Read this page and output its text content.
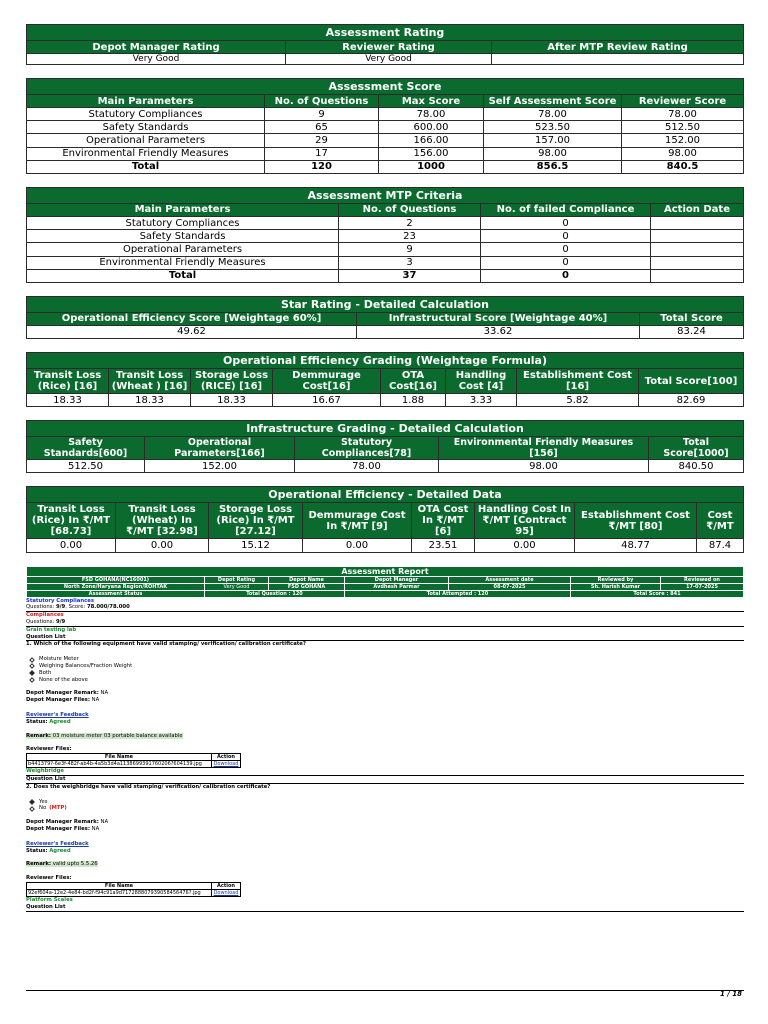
Assessment Rating		
Depot Manager Rating	Reviewer Rating	After MTP Review Rating
Very Good	Very Good	
Assessment Score				
Main Parameters	No. of Questions	Max Score	Self Assessment Score	Reviewer Score
Statutory Compliances	9	78.00	78.00	78.00
Safety Standards	65	600.00	523.50	512.50
Operational Parameters	29	166.00	157.00	152.00
Environmental Friendly Measures	17	156.00	98.00	98.00
Total	120	1000	856.5	840.5
Assessment MTP Criteria			
Main Parameters	No. of Questions	No. of failed Compliance	Action Date
Statutory Compliances	2	0	
Safety Standards	23	0	
Operational Parameters	9	0	
Environmental Friendly Measures	3	0	
Total	37	0	
Star Rating - Detailed Calculation		
Operational Efficiency Score [Weightage 60%]	Infrastructural Score [Weightage 40%]	Total Score
49.62	33.62	83.24
Operational Efficiency Grading (Weightage Formula)							
Transit Loss (Rice) [16]	Transit Loss (Wheat ) [16]	Storage Loss (RICE) [16]	Demmurage Cost[16]	OTA Cost[16]	Handling Cost [4]	Establishment Cost [16]	Total Score[100]
18.33	18.33	18.33	16.67	1.88	3.33	5.82	82.69
Infrastructure Grading - Detailed Calculation				
Safety Standards[600]	Operational Parameters[166]	Statutory Compliances[78]	Environmental Friendly Measures [156]	Total Score[1000]
512.50	152.00	78.00	98.00	840.50
Operational Efficiency - Detailed Data							
Transit Loss (Rice) In ₹/MT [68.73]	Transit Loss (Wheat) In ₹/MT [32.98]	Storage Loss (Rice) In ₹/MT [27.12]	Demmurage Cost In ₹/MT [9]	OTA Cost In ₹/MT [6]	Handling Cost In ₹/MT [Contract 95]	Establishment Cost ₹/MT [80]	Cost ₹/MT
0.00	0.00	15.12	0.00	23.51	0.00	48.77	87.4
Assessment Report						
FSD GOHANA(NC16001)	Depot Rating	Depot Name	Depot Manager	Assessment date	Reviewed by	Reviewed on
North Zone/Haryana Region/ROHTAK	Very Good	FSD GOHANA	Avdhesh Parmar	08-07-2025	Sh. Harish Kumar	17-07-2025
Assessment Status	Total Question : 120		Total Attempted : 120		Total Score : 841	
Statutory Compliances
Questions: 9/9, Score: 78.000/78.000
Compliances
Questions: 9/9
Grain testing lab
Question List
1. Which of the following equipment have valid stamping/ verification/ calibration certificate?
Moisture Meter
Weighing Balances/Fraction Weight
Both
None of the above
Depot Manager Remark: NA
Depot Manager Files: NA
Reviewer's Feedback
Status: Agreed
Remark: 03 moisture meter 03 portable balance available
Reviewer Files:
File Name	Action
b441379?-6e3f-482f-ab4b-4a5b3d4a1138699391760206?604139.jpg	Download
Weighbridge
Question List
2. Does the weighbridge have valid stamping/ verification/ calibration certificate?
Yes
No (MTP)
Depot Manager Remark: NA
Depot Manager Files: NA
Reviewer's Feedback
Status: Agreed
Remark: valid upto 5.5.26
Reviewer Files:
File Name	Action
92ef604a-12e2-4e84-bd2f-f94c91a9d717288807939058456476?.jpg	Download
Platform Scales
Question List
1 / 18
